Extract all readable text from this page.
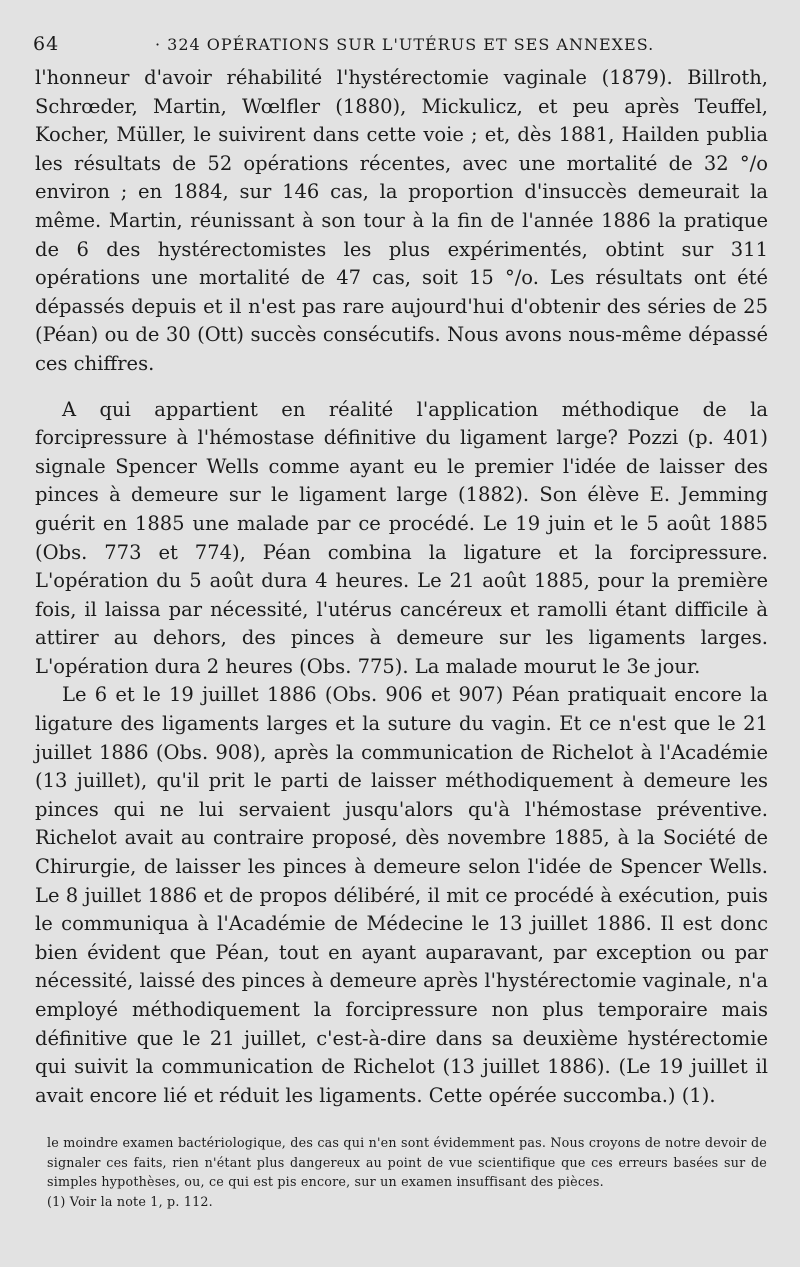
64	· 324 OPÉRATIONS SUR L'UTÉRUS ET SES ANNEXES.

l'honneur d'avoir réhabilité l'hystérectomie vaginale (1879). Billroth, Schrœder, Martin, Wœlfler (1880), Mickulicz, et peu après Teuffel, Kocher, Müller, le suivirent dans cette voie ; et, dès 1881, Hailden publia les résultats de 52 opérations récentes, avec une mortalité de 32 °/o environ ; en 1884, sur 146 cas, la proportion d'insuccès demeurait la même. Martin, réunissant à son tour à la fin de l'année 1886 la pratique de 6 des hystérectomistes les plus expérimentés, obtint sur 311 opérations une mortalité de 47 cas, soit 15 °/o. Les résultats ont été dépassés depuis et il n'est pas rare aujourd'hui d'obtenir des séries de 25 (Péan) ou de 30 (Ott) succès consécutifs. Nous avons nous-même dépassé ces chiffres.

A qui appartient en réalité l'application méthodique de la forcipressure à l'hémostase définitive du ligament large? Pozzi (p. 401) signale Spencer Wells comme ayant eu le premier l'idée de laisser des pinces à demeure sur le ligament large (1882). Son élève E. Jemming guérit en 1885 une malade par ce procédé. Le 19 juin et le 5 août 1885 (Obs. 773 et 774), Péan combina la ligature et la forcipressure. L'opération du 5 août dura 4 heures. Le 21 août 1885, pour la première fois, il laissa par nécessité, l'utérus cancéreux et ramolli étant difficile à attirer au dehors, des pinces à demeure sur les ligaments larges. L'opération dura 2 heures (Obs. 775). La malade mourut le 3e jour.

Le 6 et le 19 juillet 1886 (Obs. 906 et 907) Péan pratiquait encore la ligature des ligaments larges et la suture du vagin. Et ce n'est que le 21 juillet 1886 (Obs. 908), après la communication de Richelot à l'Académie (13 juillet), qu'il prit le parti de laisser méthodiquement à demeure les pinces qui ne lui servaient jusqu'alors qu'à l'hémostase préventive. Richelot avait au contraire proposé, dès novembre 1885, à la Société de Chirurgie, de laisser les pinces à demeure selon l'idée de Spencer Wells. Le 8 juillet 1886 et de propos délibéré, il mit ce procédé à exécution, puis le communiqua à l'Académie de Médecine le 13 juillet 1886. Il est donc bien évident que Péan, tout en ayant auparavant, par exception ou par nécessité, laissé des pinces à demeure après l'hystérectomie vaginale, n'a employé méthodiquement la forcipressure non plus temporaire mais définitive que le 21 juillet, c'est-à-dire dans sa deuxième hystérectomie qui suivit la communication de Richelot (13 juillet 1886). (Le 19 juillet il avait encore lié et réduit les ligaments. Cette opérée succomba.) (1).

le moindre examen bactériologique, des cas qui n'en sont évidemment pas. Nous croyons de notre devoir de signaler ces faits, rien n'étant plus dangereux au point de vue scientifique que ces erreurs basées sur de simples hypothèses, ou, ce qui est pis encore, sur un examen insuffisant des pièces.

(1) Voir la note 1, p. 112.
